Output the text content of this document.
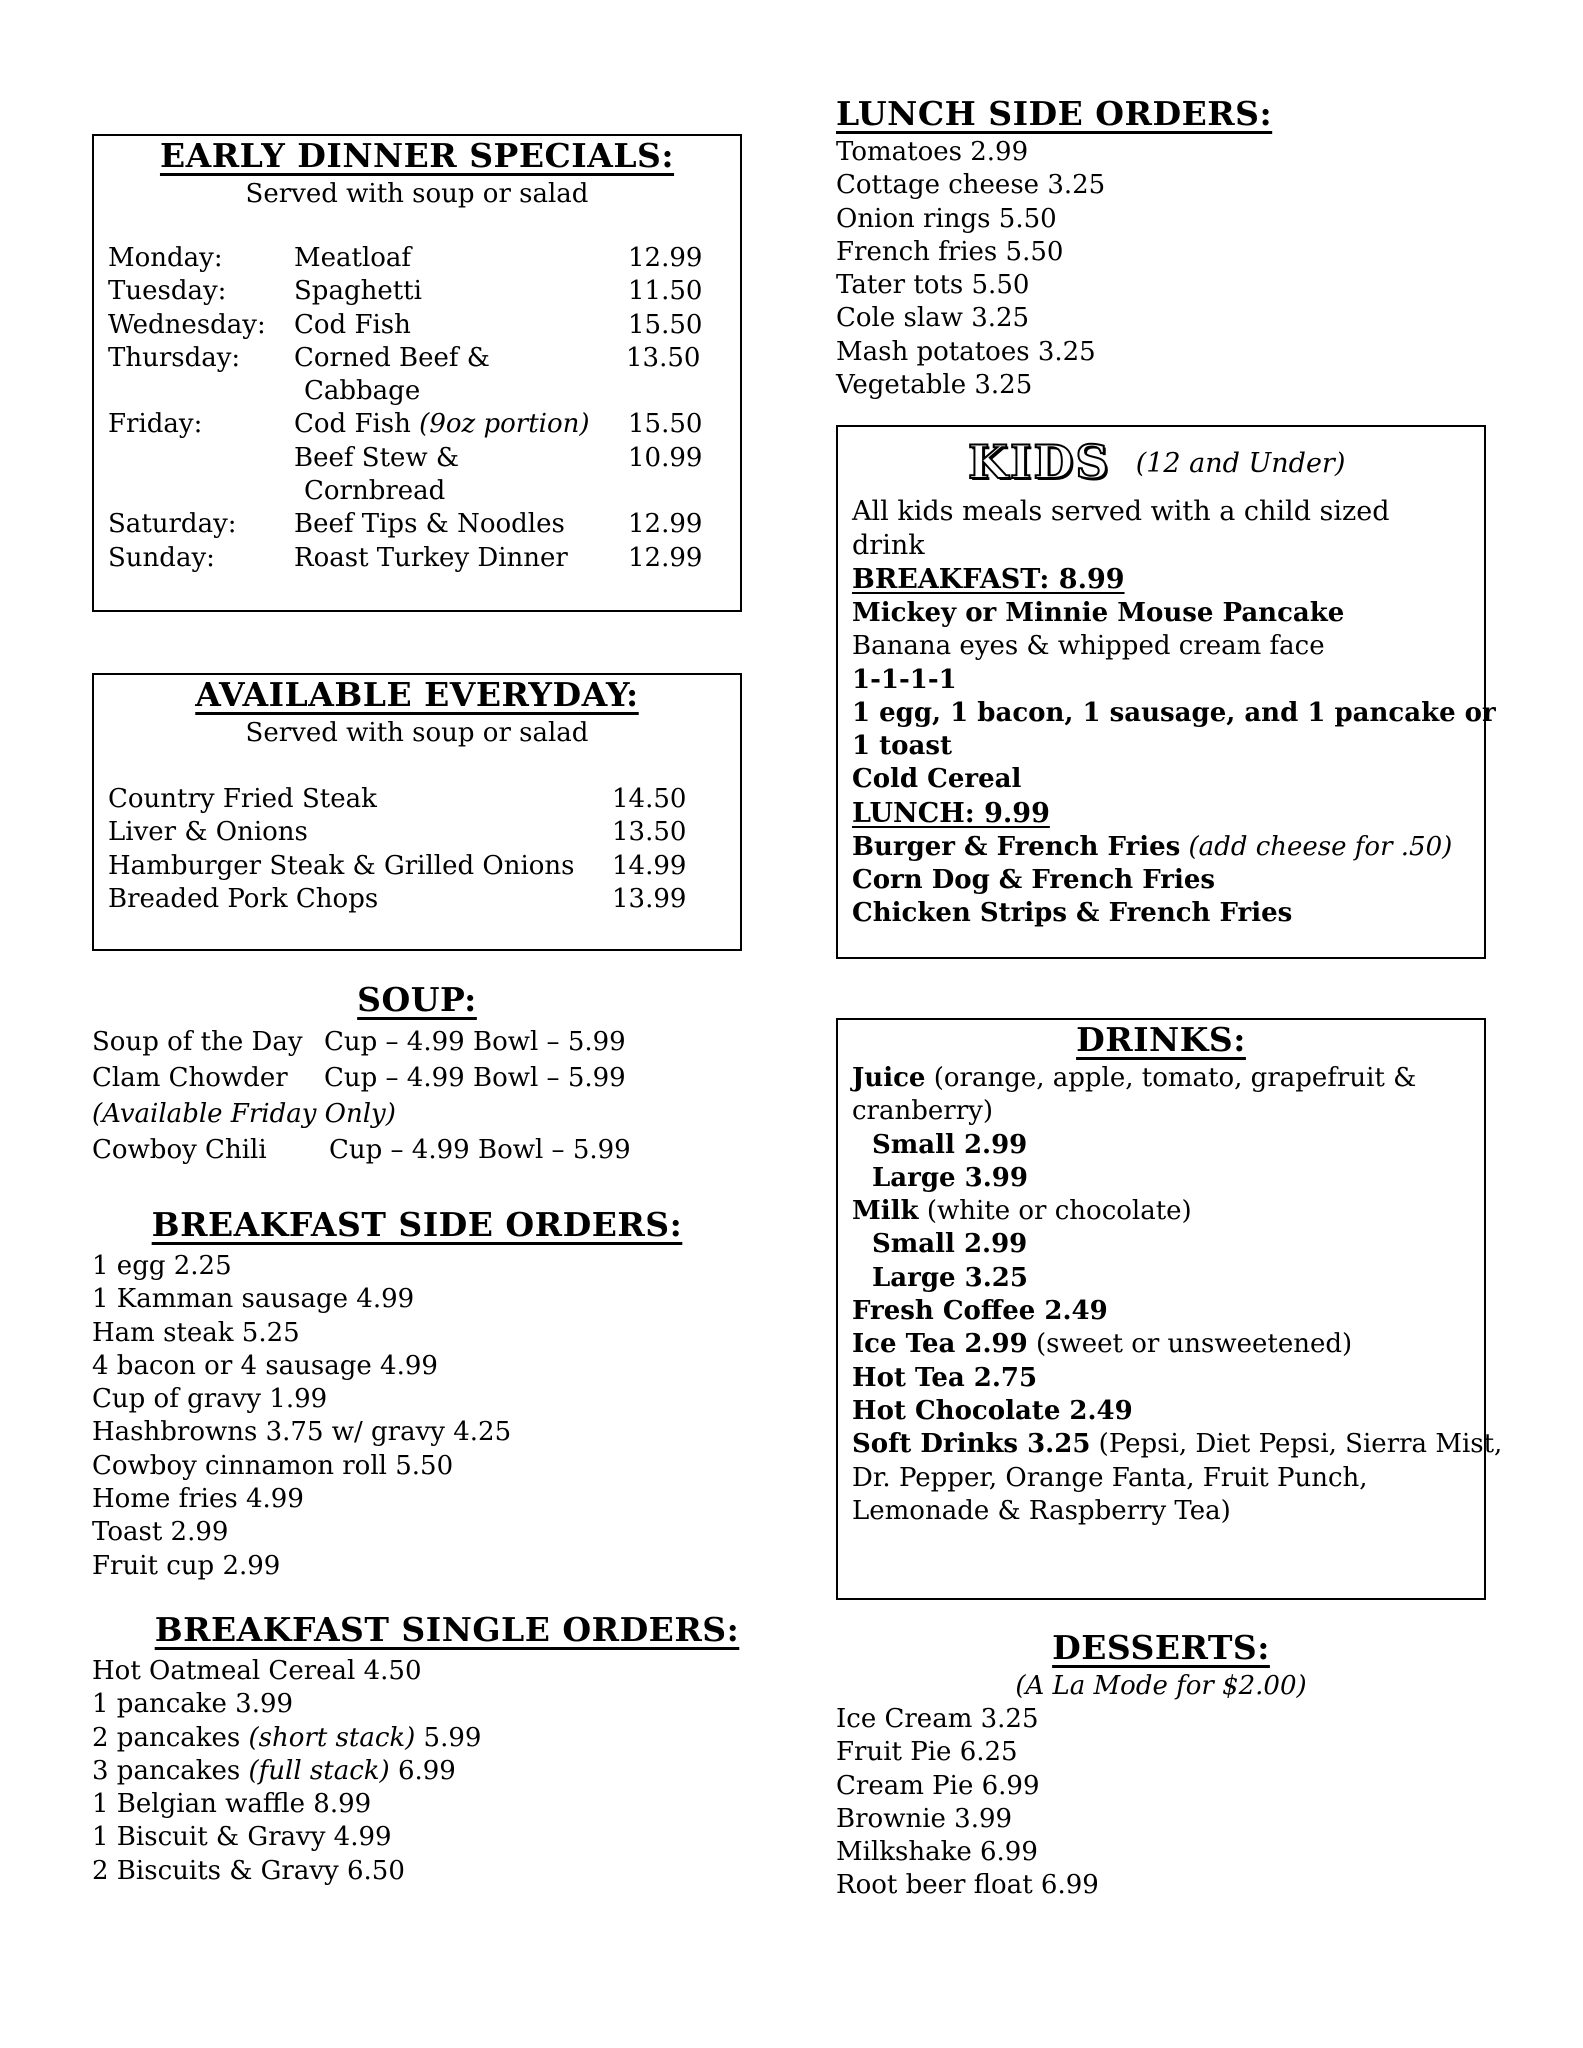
EARLY DINNER SPECIALS:
Served with soup or salad
Monday:	Meatloaf	12.99
Tuesday:	Spaghetti	11.50
Wednesday: Cod Fish	15.50
Thursday: Corned Beef &	13.50
Cabbage
Friday:	Cod Fish (9oz portion) 15.50
Beef Stew &	10.99
Cornbread
Saturday: Beef Tips & Noodles 12.99
Sunday:	Roast Turkey Dinner 12.99
AVAILABLE EVERYDAY:
Served with soup or salad
Country Fried Steak	14.50
Liver & Onions	13.50
Hamburger Steak & Grilled Onions 14.99
Breaded Pork Chops	13.99
SOUP:
Soup of the Day Cup – 4.99 Bowl – 5.99
Clam Chowder Cup – 4.99 Bowl – 5.99
(Available Friday Only)
Cowboy Chili Cup – 4.99 Bowl – 5.99
BREAKFAST SIDE ORDERS:
1 egg 2.25
1 Kamman sausage 4.99
Ham steak 5.25
4 bacon or 4 sausage 4.99
Cup of gravy 1.99
Hashbrowns 3.75 w/ gravy 4.25
Cowboy cinnamon roll 5.50
Home fries 4.99
Toast 2.99
Fruit cup 2.99
BREAKFAST SINGLE ORDERS:
Hot Oatmeal Cereal 4.50
1 pancake 3.99
2 pancakes (short stack) 5.99
3 pancakes (full stack) 6.99
1 Belgian waffle 8.99
1 Biscuit & Gravy 4.99
2 Biscuits & Gravy 6.50
LUNCH SIDE ORDERS:
Tomatoes 2.99
Cottage cheese 3.25
Onion rings 5.50
French fries 5.50
Tater tots 5.50
Cole slaw 3.25
Mash potatoes 3.25
Vegetable 3.25
KIDS (12 and Under)
All kids meals served with a child sized
drink
BREAKFAST: 8.99
Mickey or Minnie Mouse Pancake
Banana eyes & whipped cream face
1-1-1-1
1 egg, 1 bacon, 1 sausage, and 1 pancake or
1 toast
Cold Cereal
LUNCH: 9.99
Burger & French Fries (add cheese for .50)
Corn Dog & French Fries
Chicken Strips & French Fries
DRINKS:
Juice (orange, apple, tomato, grapefruit &
cranberry)
Small 2.99
Large 3.99
Milk (white or chocolate)
Small 2.99
Large 3.25
Fresh Coffee 2.49
Ice Tea 2.99 (sweet or unsweetened)
Hot Tea 2.75
Hot Chocolate 2.49
Soft Drinks 3.25 (Pepsi, Diet Pepsi, Sierra Mist,
Dr. Pepper, Orange Fanta, Fruit Punch,
Lemonade & Raspberry Tea)
DESSERTS:
(A La Mode for $2.00)
Ice Cream 3.25
Fruit Pie 6.25
Cream Pie 6.99
Brownie 3.99
Milkshake 6.99
Root beer float 6.99
